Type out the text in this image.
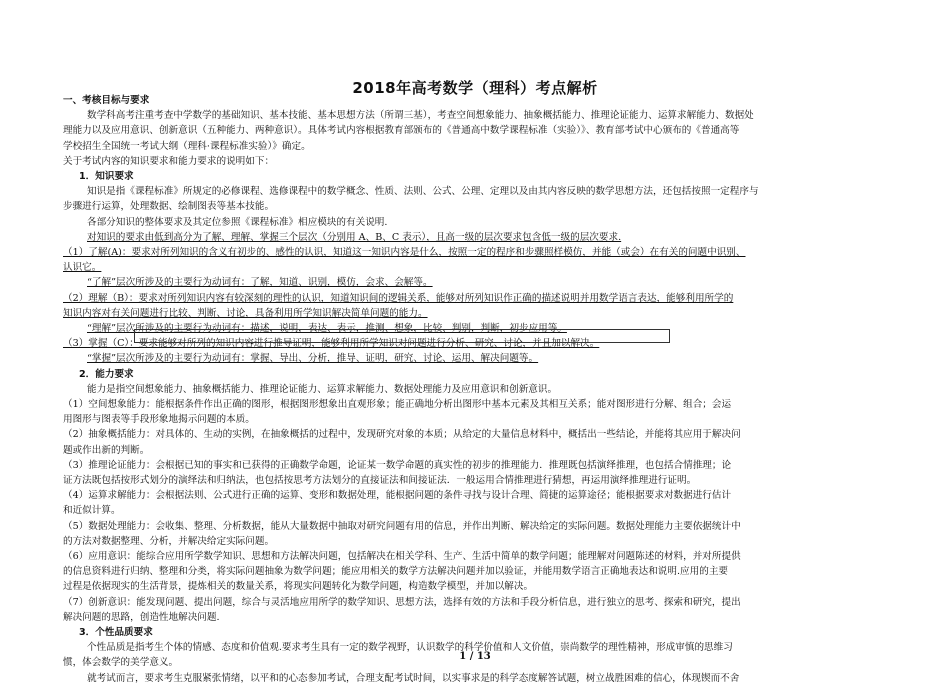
2018年高考数学（理科）考点解析
一、考核目标与要求
数学科高考注重考查中学数学的基础知识、基本技能、基本思想方法（所谓三基），考查空间想象能力、抽象概括能力、推理论证能力、运算求解能力、数据处
理能力以及应用意识、创新意识（五种能力、两种意识）。具体考试内容根据教育部颁布的《普通高中数学课程标准（实验）》、教育部考试中心颁布的《普通高等
学校招生全国统一考试大纲（理科·课程标准实验）》确定。
关于考试内容的知识要求和能力要求的说明如下：
1．知识要求
知识是指《课程标准》所规定的必修课程、选修课程中的数学概念、性质、法则、公式、公理、定理以及由其内容反映的数学思想方法，还包括按照一定程序与
步骤进行运算，处理数据、绘制图表等基本技能。
各部分知识的整体要求及其定位参照《课程标准》相应模块的有关说明.
对知识的要求由低到高分为了解、理解、掌握三个层次（分别用 A、B、C 表示），且高一级的层次要求包含低一级的层次要求.
（1）了解(A)：要求对所列知识的含义有初步的、感性的认识，知道这一知识内容是什么，按照一定的程序和步骤照样模仿，并能（或会）在有关的问题中识别、
认识它。
“了解”层次所涉及的主要行为动词有：了解，知道、识别，模仿，会求、会解等。
（2）理解（B）：要求对所列知识内容有较深刻的理性的认识，知道知识间的逻辑关系，能够对所列知识作正确的描述说明并用数学语言表达，能够利用所学的
知识内容对有关问题进行比较、判断、讨论，具备利用所学知识解决简单问题的能力。
“理解”层次所涉及的主要行为动词有：描述，说明，表达、表示，推测、想象，比较、判别，判断，初步应用等。
（3）掌握（C）：要求能够对所列的知识内容进行推导证明，能够利用所学知识对问题进行分析、研究、讨论，并且加以解决。
“掌握”层次所涉及的主要行为动词有：掌握、导出、分析，推导、证明，研究、讨论、运用、解决问题等。
2．能力要求
能力是指空间想象能力、抽象概括能力、推理论证能力、运算求解能力、数据处理能力及应用意识和创新意识。
（1）空间想象能力：能根据条件作出正确的图形，根据图形想象出直观形象；能正确地分析出图形中基本元素及其相互关系；能对图形进行分解、组合；会运
用图形与图表等手段形象地揭示问题的本质。
（2）抽象概括能力：对具体的、生动的实例，在抽象概括的过程中，发现研究对象的本质；从给定的大量信息材料中，概括出一些结论，并能将其应用于解决问
题或作出新的判断。
（3）推理论证能力：会根据已知的事实和已获得的正确数学命题，论证某一数学命题的真实性的初步的推理能力．推理既包括演绎推理，也包括合情推理；论
证方法既包括按形式划分的演绎法和归纳法，也包括按思考方法划分的直接证法和间接证法．一般运用合情推理进行猜想，再运用演绎推理进行证明。
（4）运算求解能力：会根据法则、公式进行正确的运算、变形和数据处理，能根据问题的条件寻找与设计合理、简捷的运算途径；能根据要求对数据进行估计
和近似计算。
（5）数据处理能力：会收集、整理、分析数据，能从大量数据中抽取对研究问题有用的信息，并作出判断、解决给定的实际问题。数据处理能力主要依据统计中
的方法对数据整理、分析，并解决给定实际问题。
（6）应用意识：能综合应用所学数学知识、思想和方法解决问题，包括解决在相关学科、生产、生活中简单的数学问题；能理解对问题陈述的材料，并对所提供
的信息资料进行归纳、整理和分类，将实际问题抽象为数学问题；能应用相关的数学方法解决问题并加以验证，并能用数学语言正确地表达和说明.应用的主要
过程是依据现实的生活背景，提炼相关的数量关系，将现实问题转化为数学问题，构造数学模型，并加以解决。
（7）创新意识：能发现问题、提出问题，综合与灵活地应用所学的数学知识、思想方法，选择有效的方法和手段分析信息，进行独立的思考、探索和研究，提出
解决问题的思路，创造性地解决问题.
3．个性品质要求
个性品质是指考生个体的情感、态度和价值观.要求考生具有一定的数学视野，认识数学的科学价值和人文价值，崇尚数学的理性精神，形成审慎的思维习
惯，体会数学的美学意义。
就考试而言，要求考生克服紧张情绪，以平和的心态参加考试，合理支配考试时间，以实事求是的科学态度解答试题，树立战胜困难的信心，体现锲而不舍
1 / 13
